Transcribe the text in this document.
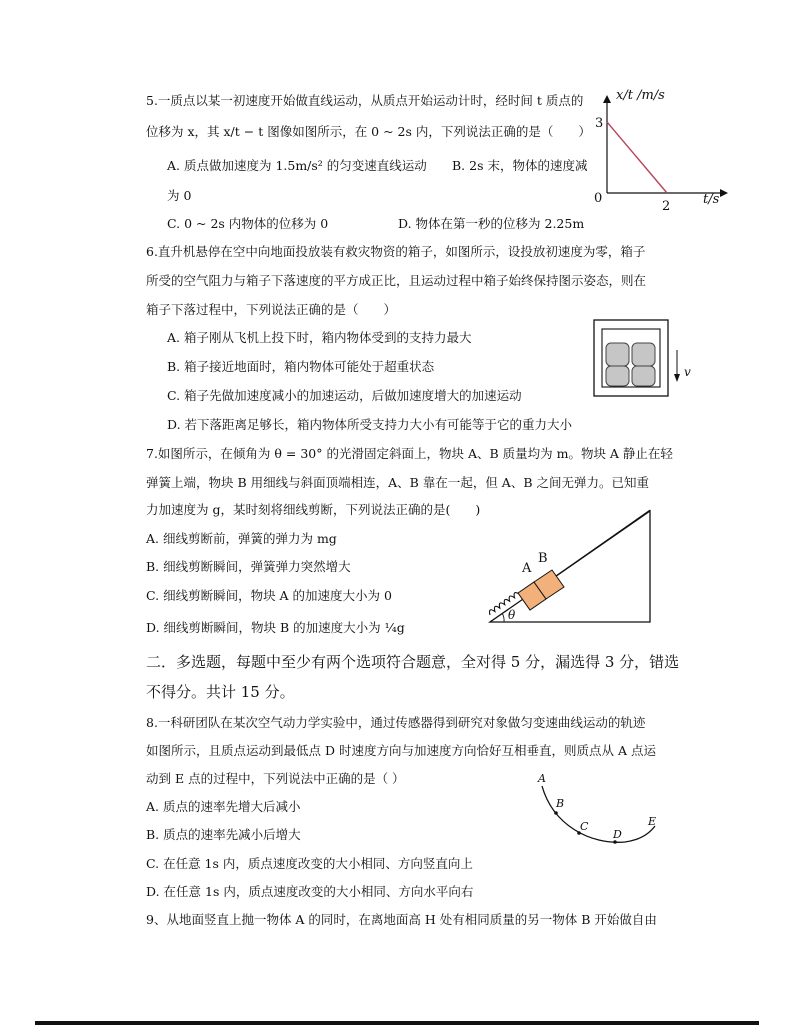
5.一质点以某一初速度开始做直线运动，从质点开始运动计时，经时间 t 质点的
位移为 x，其 x/t − t 图像如图所示，在 0 ~ 2s 内，下列说法正确的是（　　）
A. 质点做加速度为 1.5m/s² 的匀变速直线运动 B. 2s 末，物体的速度减
为 0
C. 0 ~ 2s 内物体的位移为 0	D. 物体在第一秒的位移为 2.25m
x/t /m/s
3
0
2	t/s
6.直升机悬停在空中向地面投放装有救灾物资的箱子，如图所示，设投放初速度为零，箱子
所受的空气阻力与箱子下落速度的平方成正比，且运动过程中箱子始终保持图示姿态，则在
箱子下落过程中，下列说法正确的是（　　）
A. 箱子刚从飞机上投下时，箱内物体受到的支持力最大
B. 箱子接近地面时，箱内物体可能处于超重状态
C. 箱子先做加速度减小的加速运动，后做加速度增大的加速运动
D. 若下落距离足够长，箱内物体所受支持力大小有可能等于它的重力大小
v
7.如图所示，在倾角为 θ = 30° 的光滑固定斜面上，物块 A、B 质量均为 m。物块 A 静止在轻
弹簧上端，物块 B 用细线与斜面顶端相连，A、B 靠在一起，但 A、B 之间无弹力。已知重
力加速度为 g，某时刻将细线剪断，下列说法正确的是(　　)
A. 细线剪断前，弹簧的弹力为 mg
B. 细线剪断瞬间，弹簧弹力突然增大
C. 细线剪断瞬间，物块 A 的加速度大小为 0
D. 细线剪断瞬间，物块 B 的加速度大小为 ¼g
A
B
θ
二．多选题，每题中至少有两个选项符合题意，全对得 5 分，漏选得 3 分，错选
不得分。共计 15 分。
8.一科研团队在某次空气动力学实验中，通过传感器得到研究对象做匀变速曲线运动的轨迹
如图所示，且质点运动到最低点 D 时速度方向与加速度方向恰好互相垂直，则质点从 A 点运
动到 E 点的过程中，下列说法中正确的是（ ）
A. 质点的速率先增大后减小
B. 质点的速率先减小后增大
C. 在任意 1s 内，质点速度改变的大小相同、方向竖直向上
D. 在任意 1s 内，质点速度改变的大小相同、方向水平向右
A
B
C
D
E
9、从地面竖直上抛一物体 A 的同时，在离地面高 H 处有相同质量的另一物体 B 开始做自由
